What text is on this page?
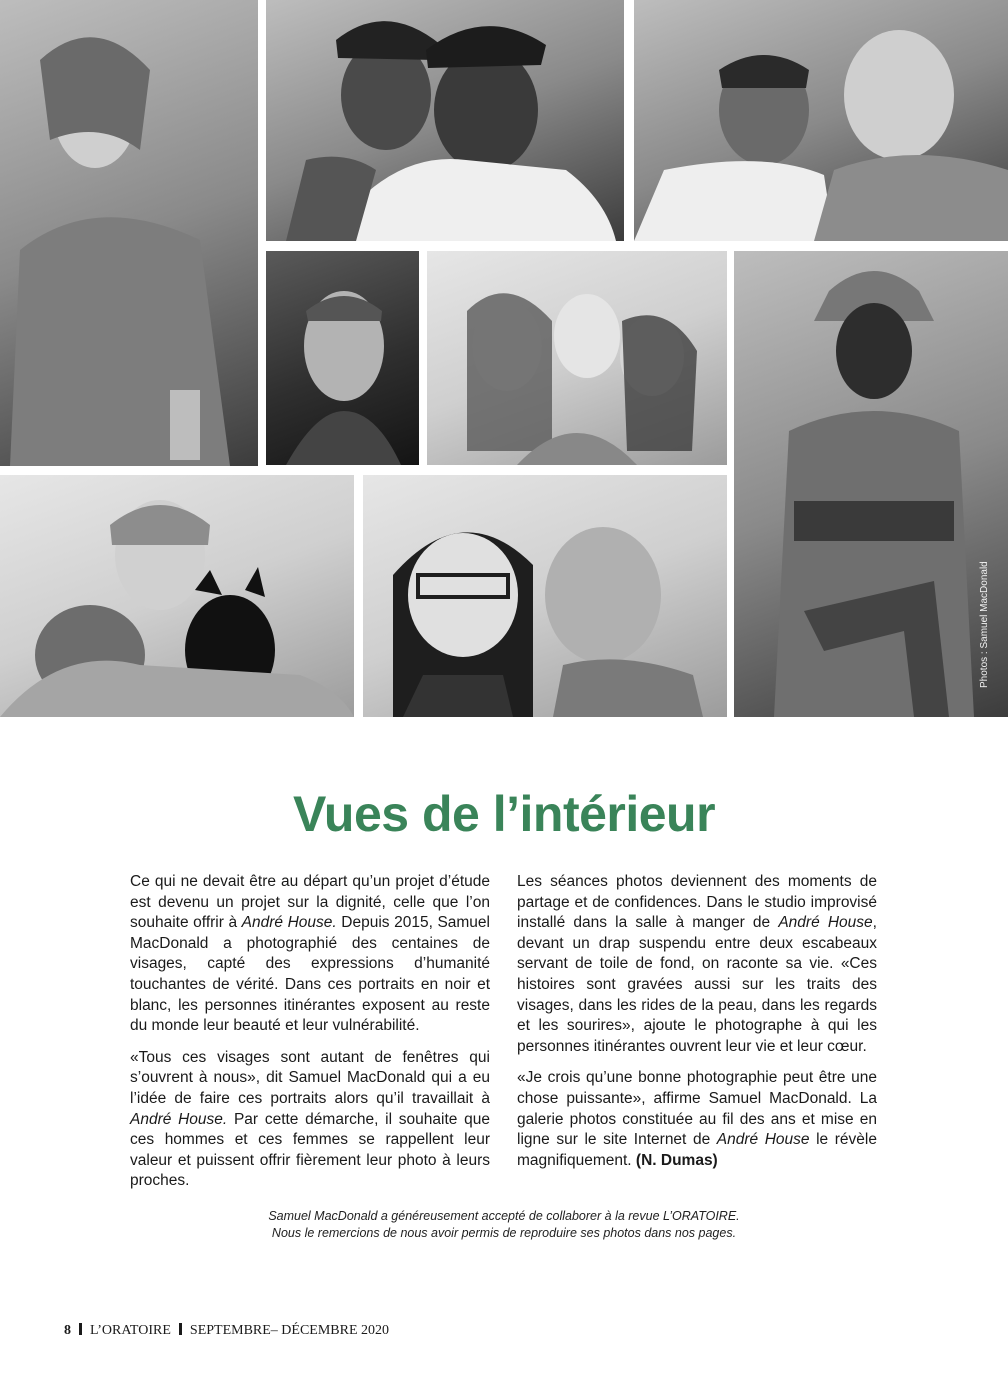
Photos : Samuel MacDonald
Vues de l’intérieur

Ce qui ne devait être au départ qu’un projet d’étude est devenu un projet sur la dignité, celle que l’on souhaite offrir à André House. Depuis 2015, Samuel MacDonald a photographié des centaines de visages, capté des expressions d’humanité touchantes de vérité. Dans ces portraits en noir et blanc, les personnes itinérantes exposent au reste du monde leur beauté et leur vulnérabilité.

«Tous ces visages sont autant de fenêtres qui s’ouvrent à nous», dit Samuel MacDonald qui a eu l’idée de faire ces portraits alors qu’il travaillait à André House. Par cette démarche, il souhaite que ces hommes et ces femmes se rappellent leur valeur et puissent offrir fièrement leur photo à leurs proches.

Les séances photos deviennent des moments de partage et de confidences. Dans le studio improvisé installé dans la salle à manger de André House, devant un drap suspendu entre deux escabeaux servant de toile de fond, on raconte sa vie. «Ces histoires sont gravées aussi sur les traits des visages, dans les rides de la peau, dans les regards et les sourires», ajoute le photographe à qui les personnes itinérantes ouvrent leur vie et leur cœur.

«Je crois qu’une bonne photographie peut être une chose puissante», affirme Samuel MacDonald. La galerie photos constituée au fil des ans et mise en ligne sur le site Internet de André House le révèle magnifiquement. (N. Dumas)

Samuel MacDonald a généreusement accepté de collaborer à la revue L’ORATOIRE.
Nous le remercions de nous avoir permis de reproduire ses photos dans nos pages.
8 L’ORATOIRE SEPTEMBRE– DÉCEMBRE 2020
